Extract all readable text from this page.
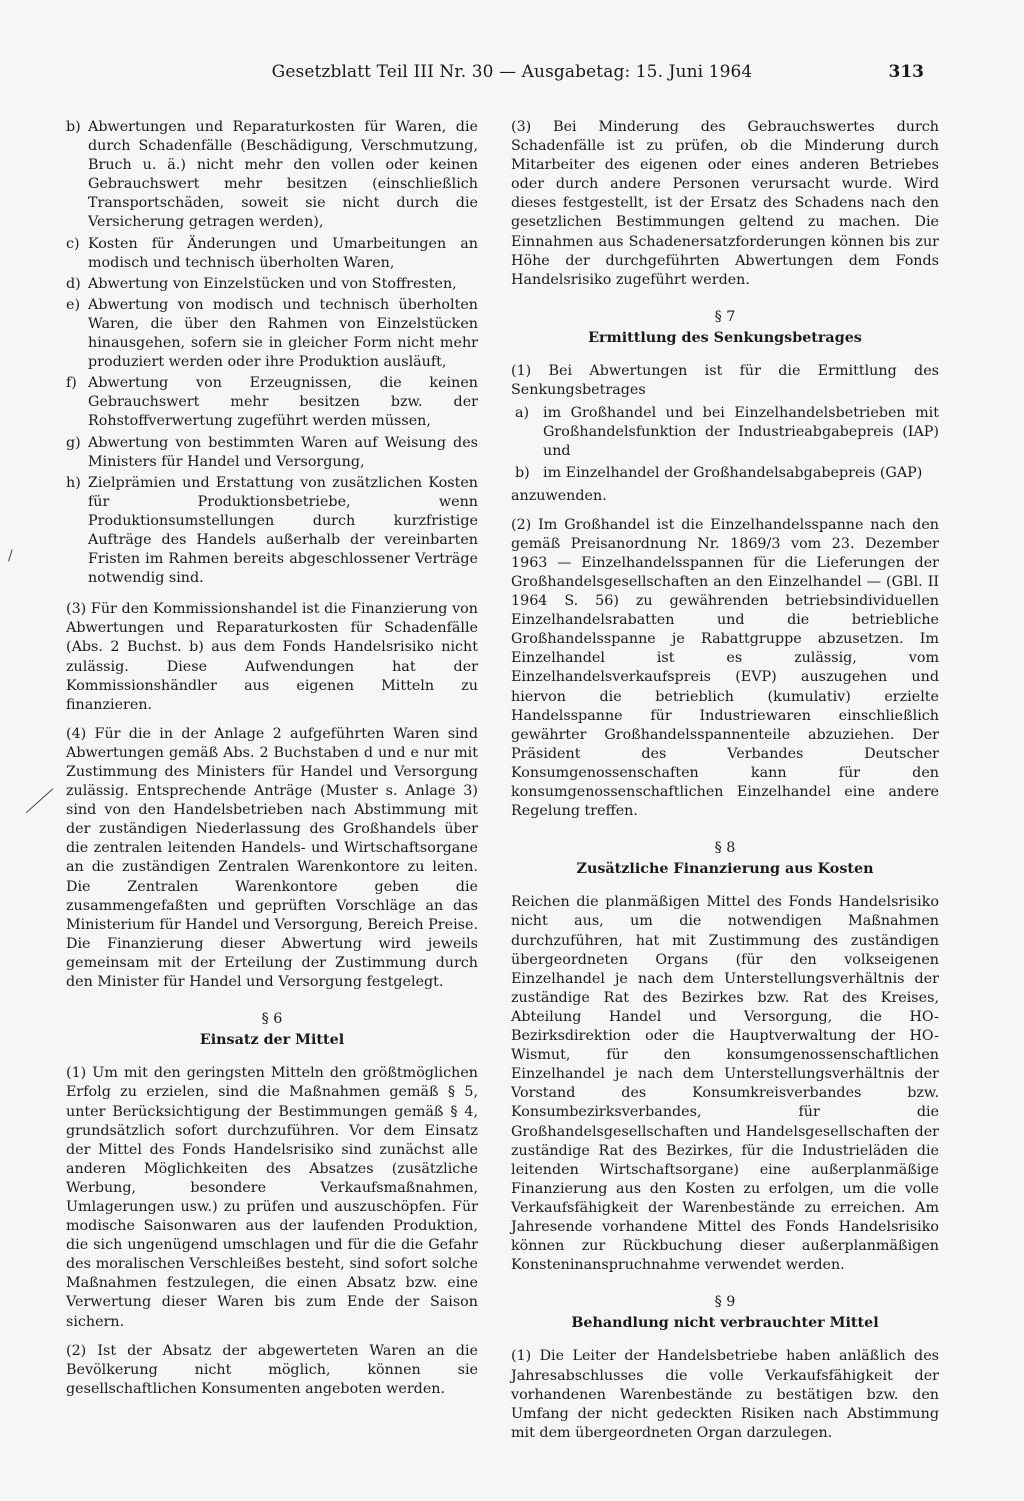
Gesetzblatt Teil III Nr. 30 — Ausgabetag: 15. Juni 1964	313
/
b) Abwertungen und Reparaturkosten für Waren, die durch Schadenfälle (Beschädigung, Verschmutzung, Bruch u. ä.) nicht mehr den vollen oder keinen Gebrauchswert mehr besitzen (einschließlich Transportschäden, soweit sie nicht durch die Versicherung getragen werden),
c) Kosten für Änderungen und Umarbeitungen an modisch und technisch überholten Waren,
d) Abwertung von Einzelstücken und von Stoffresten,
e) Abwertung von modisch und technisch überholten Waren, die über den Rahmen von Einzelstücken hinausgehen, sofern sie in gleicher Form nicht mehr produziert werden oder ihre Produktion ausläuft,
f) Abwertung von Erzeugnissen, die keinen Gebrauchswert mehr besitzen bzw. der Rohstoffverwertung zugeführt werden müssen,
g) Abwertung von bestimmten Waren auf Weisung des Ministers für Handel und Versorgung,
h) Zielprämien und Erstattung von zusätzlichen Kosten für Produktionsbetriebe, wenn Produktionsumstellungen durch kurzfristige Aufträge des Handels außerhalb der vereinbarten Fristen im Rahmen bereits abgeschlossener Verträge notwendig sind.

(3) Für den Kommissionshandel ist die Finanzierung von Abwertungen und Reparaturkosten für Schadenfälle (Abs. 2 Buchst. b) aus dem Fonds Handelsrisiko nicht zulässig. Diese Aufwendungen hat der Kommissionshändler aus eigenen Mitteln zu finanzieren.

(4) Für die in der Anlage 2 aufgeführten Waren sind Abwertungen gemäß Abs. 2 Buchstaben d und e nur mit Zustimmung des Ministers für Handel und Versorgung zulässig. Entsprechende Anträge (Muster s. Anlage 3) sind von den Handelsbetrieben nach Abstimmung mit der zuständigen Niederlassung des Großhandels über die zentralen leitenden Handels- und Wirtschaftsorgane an die zuständigen Zentralen Warenkontore zu leiten. Die Zentralen Warenkontore geben die zusammengefaßten und geprüften Vorschläge an das Ministerium für Handel und Versorgung, Bereich Preise. Die Finanzierung dieser Abwertung wird jeweils gemeinsam mit der Erteilung der Zustimmung durch den Minister für Handel und Versorgung festgelegt.

§ 6
Einsatz der Mittel

(1) Um mit den geringsten Mitteln den größtmöglichen Erfolg zu erzielen, sind die Maßnahmen gemäß § 5, unter Berücksichtigung der Bestimmungen gemäß § 4, grundsätzlich sofort durchzuführen. Vor dem Einsatz der Mittel des Fonds Handelsrisiko sind zunächst alle anderen Möglichkeiten des Absatzes (zusätzliche Werbung, besondere Verkaufsmaßnahmen, Umlagerungen usw.) zu prüfen und auszuschöpfen. Für modische Saisonwaren aus der laufenden Produktion, die sich ungenügend umschlagen und für die die Gefahr des moralischen Verschleißes besteht, sind sofort solche Maßnahmen festzulegen, die einen Absatz bzw. eine Verwertung dieser Waren bis zum Ende der Saison sichern.

(2) Ist der Absatz der abgewerteten Waren an die Bevölkerung nicht möglich, können sie gesellschaftlichen Konsumenten angeboten werden.

(3) Bei Minderung des Gebrauchswertes durch Schadenfälle ist zu prüfen, ob die Minderung durch Mitarbeiter des eigenen oder eines anderen Betriebes oder durch andere Personen verursacht wurde. Wird dieses festgestellt, ist der Ersatz des Schadens nach den gesetzlichen Bestimmungen geltend zu machen. Die Einnahmen aus Schadenersatzforderungen können bis zur Höhe der durchgeführten Abwertungen dem Fonds Handelsrisiko zugeführt werden.

§ 7
Ermittlung des Senkungsbetrages
(1) Bei Abwertungen ist für die Ermittlung des Senkungsbetrages
a) im Großhandel und bei Einzelhandelsbetrieben mit Großhandelsfunktion der Industrieabgabepreis (IAP) und
b) im Einzelhandel der Großhandelsabgabepreis (GAP)
anzuwenden.

(2) Im Großhandel ist die Einzelhandelsspanne nach den gemäß Preisanordnung Nr. 1869/3 vom 23. Dezember 1963 — Einzelhandelsspannen für die Lieferungen der Großhandelsgesellschaften an den Einzelhandel — (GBl. II 1964 S. 56) zu gewährenden betriebsindividuellen Einzelhandelsrabatten und die betriebliche Großhandelsspanne je Rabattgruppe abzusetzen. Im Einzelhandel ist es zulässig, vom Einzelhandelsverkaufspreis (EVP) auszugehen und hiervon die betrieblich (kumulativ) erzielte Handelsspanne für Industriewaren einschließlich gewährter Großhandelsspannenteile abzuziehen. Der Präsident des Verbandes Deutscher Konsumgenossenschaften kann für den konsumgenossenschaftlichen Einzelhandel eine andere Regelung treffen.

§ 8
Zusätzliche Finanzierung aus Kosten

Reichen die planmäßigen Mittel des Fonds Handelsrisiko nicht aus, um die notwendigen Maßnahmen durchzuführen, hat mit Zustimmung des zuständigen übergeordneten Organs (für den volkseigenen Einzelhandel je nach dem Unterstellungsverhältnis der zuständige Rat des Bezirkes bzw. Rat des Kreises, Abteilung Handel und Versorgung, die HO-Bezirksdirektion oder die Hauptverwaltung der HO-Wismut, für den konsumgenossenschaftlichen Einzelhandel je nach dem Unterstellungsverhältnis der Vorstand des Konsumkreisverbandes bzw. Konsumbezirksverbandes, für die Großhandelsgesellschaften und Handelsgesellschaften der zuständige Rat des Bezirkes, für die Industrieläden die leitenden Wirtschaftsorgane) eine außerplanmäßige Finanzierung aus den Kosten zu erfolgen, um die volle Verkaufsfähigkeit der Warenbestände zu erreichen. Am Jahresende vorhandene Mittel des Fonds Handelsrisiko können zur Rückbuchung dieser außerplanmäßigen Konsteninanspruchnahme verwendet werden.

§ 9
Behandlung nicht verbrauchter Mittel

(1) Die Leiter der Handelsbetriebe haben anläßlich des Jahresabschlusses die volle Verkaufsfähigkeit der vorhandenen Warenbestände zu bestätigen bzw. den Umfang der nicht gedeckten Risiken nach Abstimmung mit dem übergeordneten Organ darzulegen.
